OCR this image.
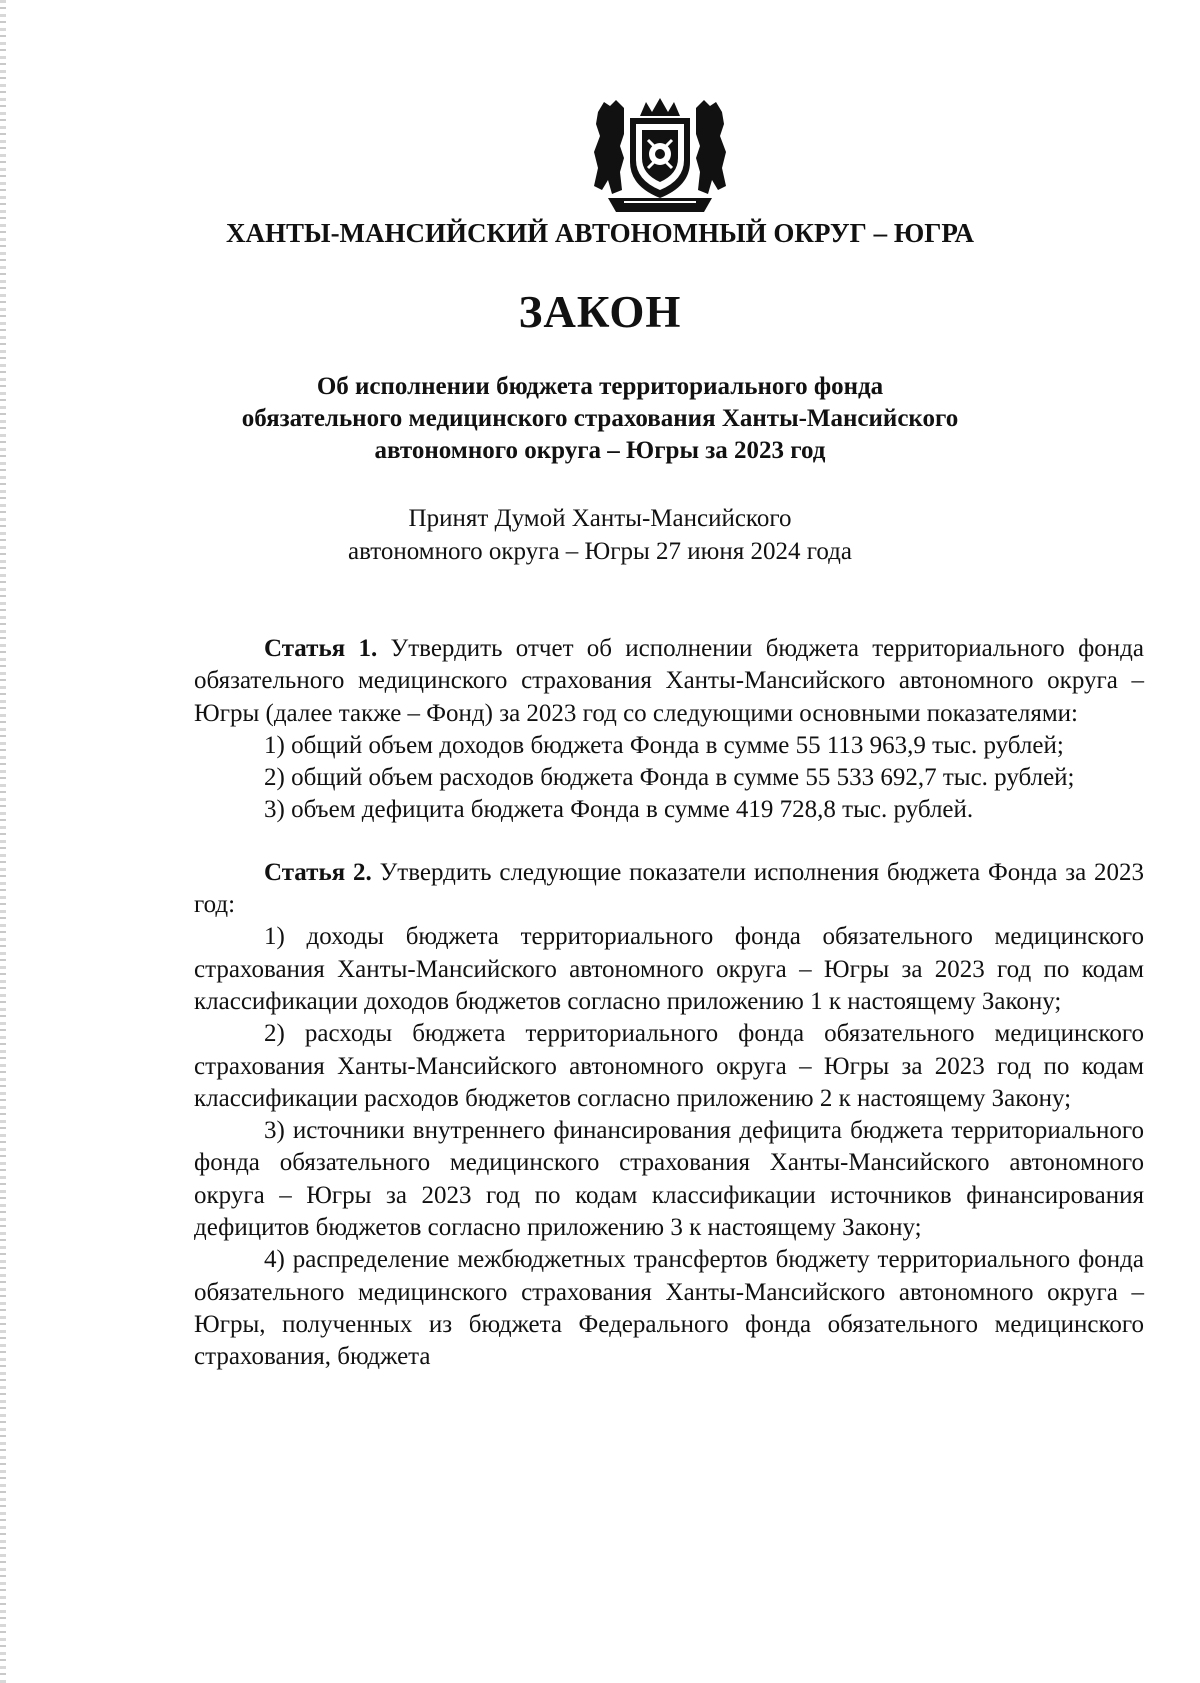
ХАНТЫ-МАНСИЙСКИЙ АВТОНОМНЫЙ ОКРУГ – ЮГРА
ЗАКОН
Об исполнении бюджета территориального фонда
обязательного медицинского страхования Ханты-Мансийского
автономного округа – Югры за 2023 год
Принят Думой Ханты-Мансийского
автономного округа – Югры 27 июня 2024 года

Статья 1. Утвердить отчет об исполнении бюджета территориального фонда обязательного медицинского страхования Ханты-Мансийского автономного округа – Югры (далее также – Фонд) за 2023 год со следующими основными показателями:

1) общий объем доходов бюджета Фонда в сумме 55 113 963,9 тыс. рублей;

2) общий объем расходов бюджета Фонда в сумме 55 533 692,7 тыс. рублей;

3) объем дефицита бюджета Фонда в сумме 419 728,8 тыс. рублей.

Статья 2. Утвердить следующие показатели исполнения бюджета Фонда за 2023 год:

1) доходы бюджета территориального фонда обязательного медицинского страхования Ханты-Мансийского автономного округа – Югры за 2023 год по кодам классификации доходов бюджетов согласно приложению 1 к настоящему Закону;

2) расходы бюджета территориального фонда обязательного медицинского страхования Ханты-Мансийского автономного округа – Югры за 2023 год по кодам классификации расходов бюджетов согласно приложению 2 к настоящему Закону;

3) источники внутреннего финансирования дефицита бюджета территориального фонда обязательного медицинского страхования Ханты-Мансийского автономного округа – Югры за 2023 год по кодам классификации источников финансирования дефицитов бюджетов согласно приложению 3 к настоящему Закону;

4) распределение межбюджетных трансфертов бюджету территориального фонда обязательного медицинского страхования Ханты-Мансийского автономного округа – Югры, полученных из бюджета Федерального фонда обязательного медицинского страхования, бюджета
